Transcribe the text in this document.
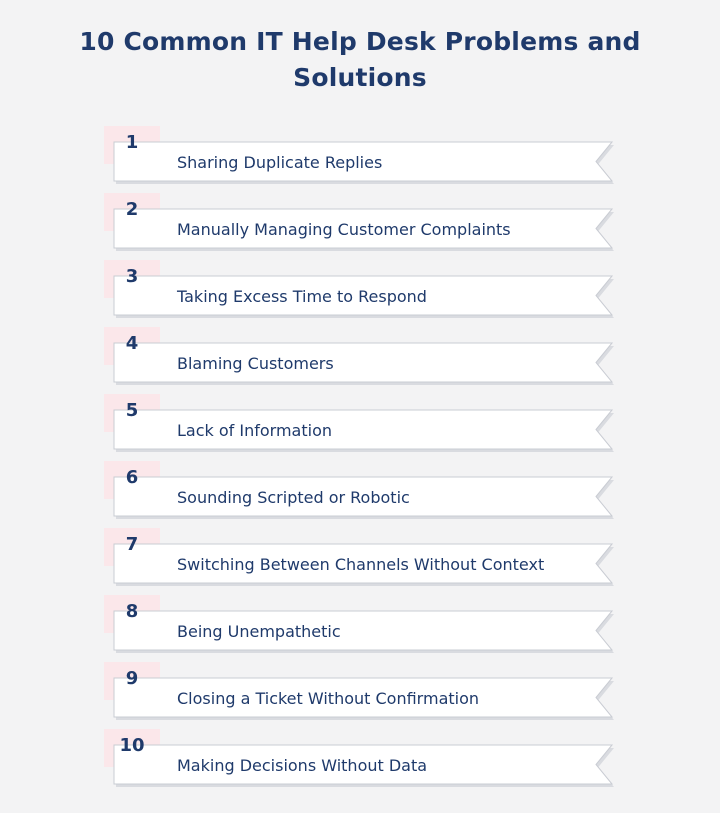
10 Common IT Help Desk Problems and
Solutions
Sharing Duplicate Replies
1
Manually Managing Customer Complaints
2
Taking Excess Time to Respond
3
Blaming Customers
4
Lack of Information
5
Sounding Scripted or Robotic
6
Switching Between Channels Without Context
7
Being Unempathetic
8
Closing a Ticket Without Confirmation
9
Making Decisions Without Data
10
